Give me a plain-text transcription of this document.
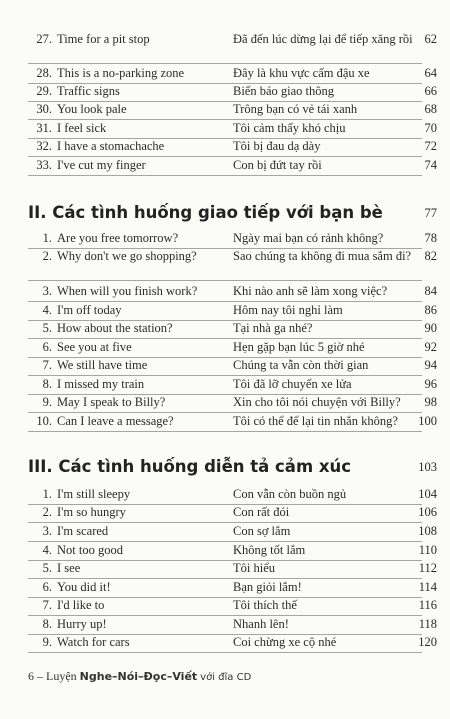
27. Time for a pit stop	Đã đến lúc dừng lại để tiếp xăng rồi 62
28. This is a no-parking zone	Đây là khu vực cấm đậu xe	64
29. Traffic signs	Biển báo giao thông	66
30. You look pale	Trông bạn có vẻ tái xanh	68
31. I feel sick	Tôi cảm thấy khó chịu	70
32. I have a stomachache	Tôi bị đau dạ dày	72
33. I've cut my finger	Con bị đứt tay rồi	74
II. Các tình huống giao tiếp với bạn bè	77
1. Are you free tomorrow?	Ngày mai bạn có rảnh không?	78
2. Why don't we go shopping?	Sao chúng ta không đi mua sắm đi? 82
3. When will you finish work?	Khi nào anh sẽ làm xong việc?	84
4. I'm off today	Hôm nay tôi nghỉ làm	86
5. How about the station?	Tại nhà ga nhé?	90
6. See you at five	Hẹn gặp bạn lúc 5 giờ nhé	92
7. We still have time	Chúng ta vẫn còn thời gian	94
8. I missed my train	Tôi đã lỡ chuyến xe lửa	96
9. May I speak to Billy?	Xin cho tôi nói chuyện với Billy?	98
10. Can I leave a message?	Tôi có thể để lại tin nhắn không?	100
III. Các tình huống diễn tả cảm xúc	103
1. I'm still sleepy	Con vẫn còn buồn ngủ	104
2. I'm so hungry	Con rất đói	106
3. I'm scared	Con sợ lắm	108
4. Not too good	Không tốt lắm	110
5. I see	Tôi hiểu	112
6. You did it!	Bạn giỏi lắm!	114
7. I'd like to	Tôi thích thế	116
8. Hurry up!	Nhanh lên!	118
9. Watch for cars	Coi chừng xe cộ nhé	120
6 – Luyện Nghe–Nói–Đọc–Viết với đĩa CD
